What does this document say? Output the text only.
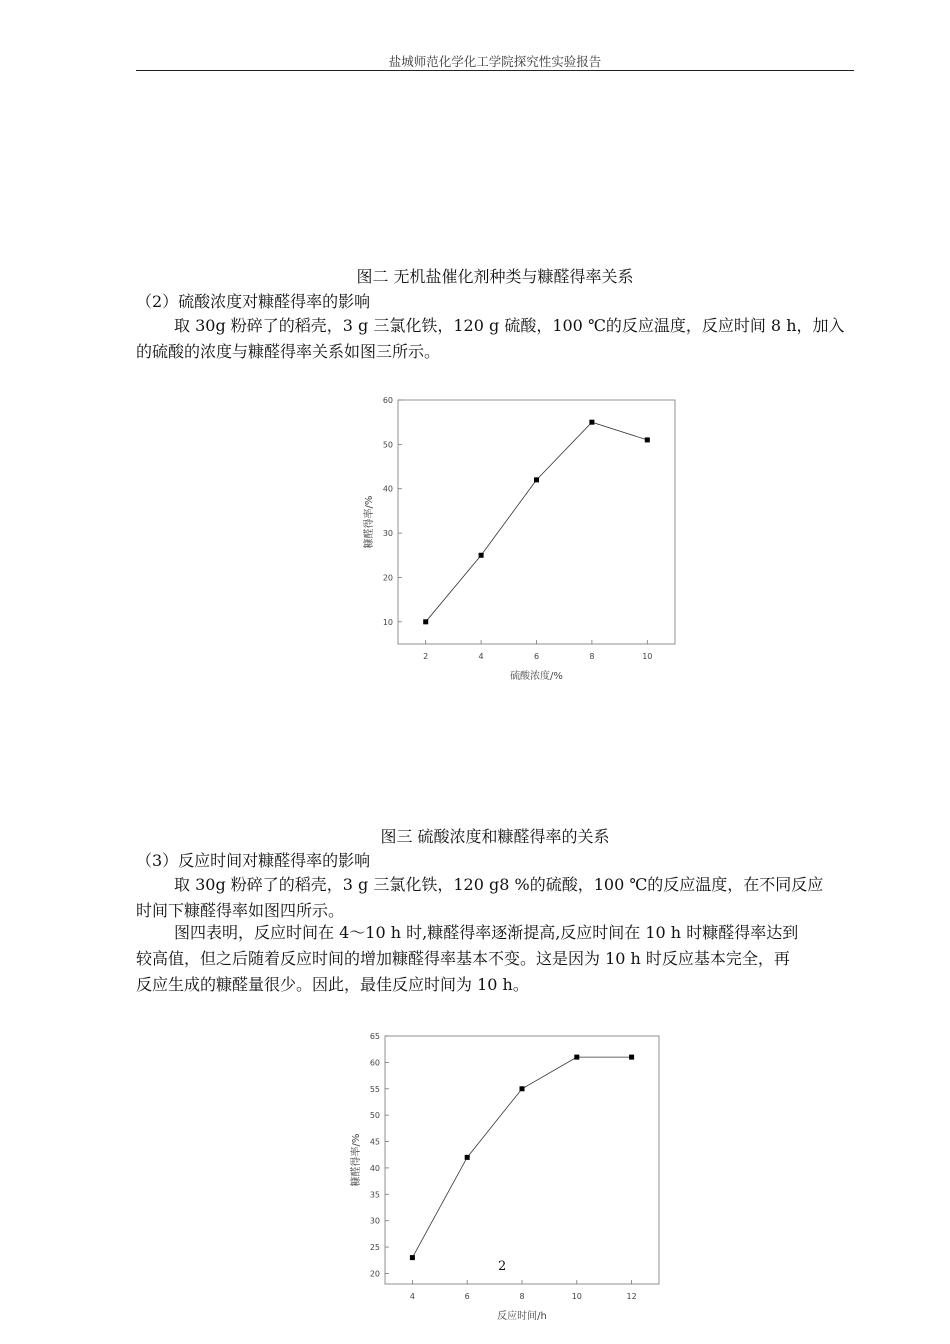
盐城师范化学化工学院探究性实验报告
图二 无机盐催化剂种类与糠醛得率关系
（2）硫酸浓度对糠醛得率的影响
取 30g 粉碎了的稻壳，3 g 三氯化铁，120 g 硫酸，100 ℃的反应温度，反应时间 8 h，加入
的硫酸的浓度与糠醛得率关系如图三所示。
10
20
30
40
50
60
2	4	6	8	10
硫酸浓度/%
糠醛得率/%
图三 硫酸浓度和糠醛得率的关系
（3）反应时间对糠醛得率的影响
取 30g 粉碎了的稻壳，3 g 三氯化铁，120 g8 %的硫酸，100 ℃的反应温度，在不同反应
时间下糠醛得率如图四所示。
图四表明，反应时间在 4～10 h 时,糠醛得率逐渐提高,反应时间在 10 h 时糠醛得率达到
较高值，但之后随着反应时间的增加糠醛得率基本不变。这是因为 10 h 时反应基本完全，再
反应生成的糠醛量很少。因此，最佳反应时间为 10 h。
20
25
30
35
40
45
50
55
60
65
4	6	8	10	12
反应时间/h
糠醛得率/%
2
